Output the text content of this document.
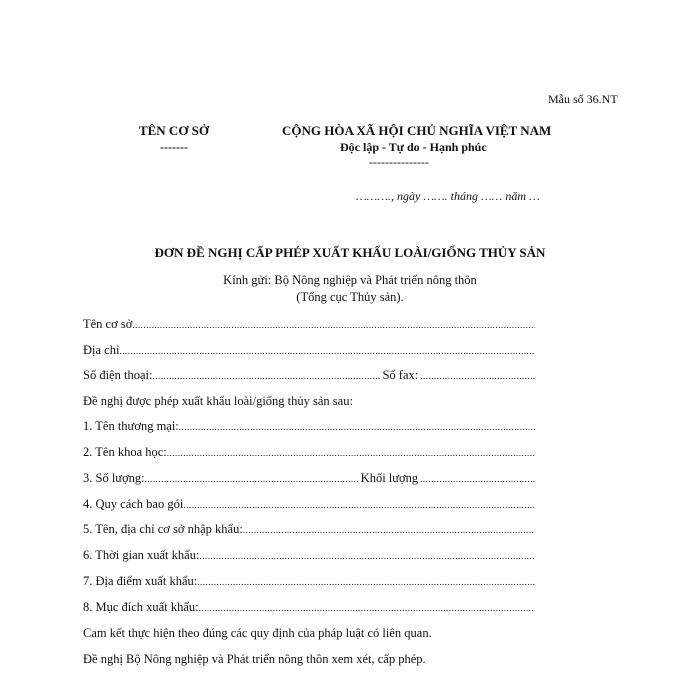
Mẫu số 36.NT
TÊN CƠ SỞ
-------
CỘNG HÒA XÃ HỘI CHỦ NGHĨA VIỆT NAM
Độc lập - Tự do - Hạnh phúc
---------------
………., ngày ……. tháng …… năm …
ĐƠN ĐỀ NGHỊ CẤP PHÉP XUẤT KHẨU LOÀI/GIỐNG THỦY SẢN
Kính gửi: Bộ Nông nghiệp và Phát triển nông thôn
(Tổng cục Thủy sản).
Tên cơ sở
.....
Địa chỉ
.....
Số điện thoại: .....	Số fax:
.....
Đề nghị được phép xuất khẩu loài/giống thủy sản sau:
1. Tên thương mại:
.....
2. Tên khoa học:
.....
3. Số lượng: .....	Khối lượng
.....
4. Quy cách bao gói
.....
5. Tên, địa chỉ cơ sở nhập khẩu:
.....
6. Thời gian xuất khẩu:
.....
7. Địa điểm xuất khẩu:
.....
8. Mục đích xuất khẩu:
.....
Cam kết thực hiện theo đúng các quy định của pháp luật có liên quan.
Đề nghị Bộ Nông nghiệp và Phát triển nông thôn xem xét, cấp phép.
